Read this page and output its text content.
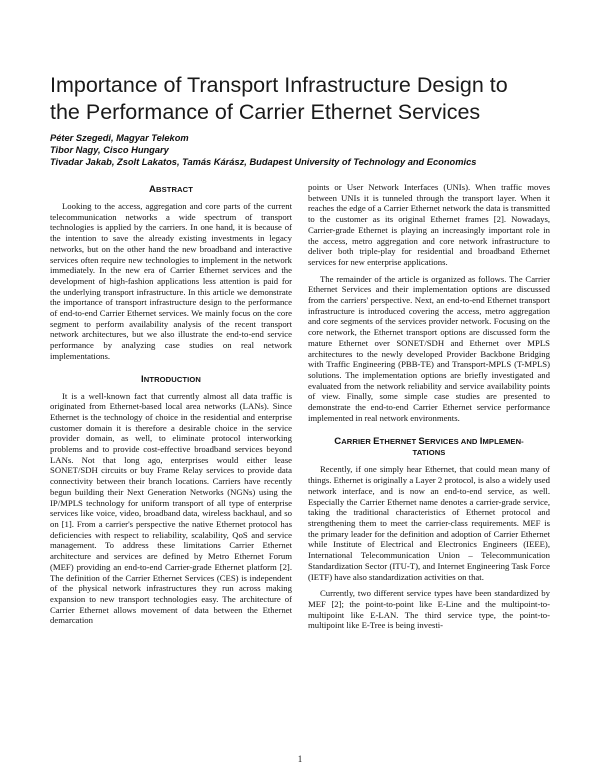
Importance of Transport Infrastructure Design to
the Performance of Carrier Ethernet Services
Péter Szegedi, Magyar Telekom
Tibor Nagy, Cisco Hungary
Tivadar Jakab, Zsolt Lakatos, Tamás Kárász, Budapest University of Technology and Economics
ABSTRACT

Looking to the access, aggregation and core parts of the current telecommunication networks a wide spectrum of transport technologies is applied by the carriers. In one hand, it is because of the intention to save the already existing investments in legacy networks, but on the other hand the new broadband and interactive services often require new technologies to implement in the network immediately. In the new era of Carrier Ethernet services and the development of high-fashion applications less attention is paid for the underlying transport infrastructure. In this article we demonstrate the importance of transport infrastructure design to the performance of end-to-end Carrier Ethernet services. We mainly focus on the core segment to perform availability analysis of the recent transport network architectures, but we also illustrate the end-to-end service performance by analyzing case studies on real network implementations.

INTRODUCTION

It is a well-known fact that currently almost all data traffic is originated from Ethernet-based local area networks (LANs). Since Ethernet is the technology of choice in the residential and enterprise customer domain it is therefore a desirable choice in the service provider domain, as well, to eliminate protocol interworking problems and to provide cost-effective broadband services beyond LANs. Not that long ago, enterprises would either lease SONET/SDH circuits or buy Frame Relay services to provide data connectivity between their branch locations. Carriers have recently begun building their Next Generation Networks (NGNs) using the IP/MPLS technology for uniform transport of all type of enterprise services like voice, video, broadband data, wireless backhaul, and so on [1]. From a carrier's perspective the native Ethernet protocol has deficiencies with respect to reliability, scalability, QoS and service management. To address these limitations Carrier Ethernet architecture and services are defined by Metro Ethernet Forum (MEF) providing an end-to-end Carrier-grade Ethernet platform [2]. The definition of the Carrier Ethernet Services (CES) is independent of the physical network infrastructures they run across making expansion to new transport technologies easy. The architecture of Carrier Ethernet allows movement of data between the Ethernet demarcation

points or User Network Interfaces (UNIs). When traffic moves between UNIs it is tunneled through the transport layer. When it reaches the edge of a Carrier Ethernet network the data is transmitted to the customer as its original Ethernet frames [2]. Nowadays, Carrier-grade Ethernet is playing an increasingly important role in the access, metro aggregation and core network infrastructure to deliver both triple-play for residential and broadband Ethernet services for new enterprise applications.

The remainder of the article is organized as follows. The Carrier Ethernet Services and their implementation options are discussed from the carriers' perspective. Next, an end-to-end Ethernet transport infrastructure is introduced covering the access, metro aggregation and core segments of the services provider network. Focusing on the core network, the Ethernet transport options are discussed form the mature Ethernet over SONET/SDH and Ethernet over MPLS architectures to the newly developed Provider Backbone Bridging with Traffic Engineering (PBB-TE) and Transport-MPLS (T-MPLS) solutions. The implementation options are briefly investigated and evaluated from the network reliability and service availability points of view. Finally, some simple case studies are presented to demonstrate the end-to-end Carrier Ethernet service performance implemented in real network environments.

CARRIER ETHERNET SERVICES AND IMPLEMEN-
TATIONS

Recently, if one simply hear Ethernet, that could mean many of things. Ethernet is originally a Layer 2 protocol, is also a widely used network interface, and is now an end-to-end service, as well. Especially the Carrier Ethernet name denotes a carrier-grade service, taking the traditional characteristics of Ethernet protocol and strengthening them to meet the carrier-class requirements. MEF is the primary leader for the definition and adoption of Carrier Ethernet while Institute of Electrical and Electronics Engineers (IEEE), International Telecommunication Union – Telecommunication Standardization Sector (ITU-T), and Internet Engineering Task Force (IETF) have also standardization activities on that.

Currently, two different service types have been standardized by MEF [2]; the point-to-point like E-Line and the multipoint-to-multipoint like E-LAN. The third service type, the point-to-multipoint like E-Tree is being investi-

1
